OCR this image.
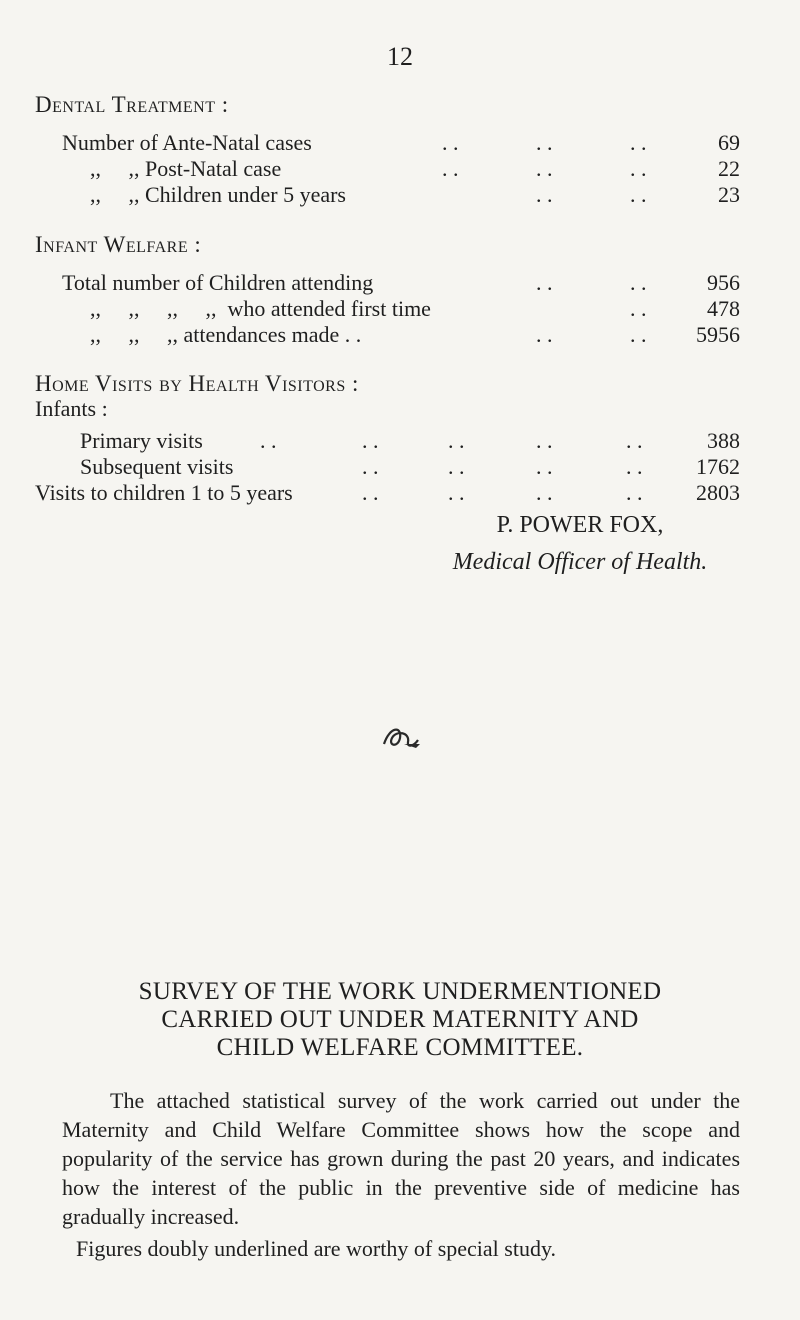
12
Dental Treatment :
Number of Ante-Natal cases	. .	. .	. .	69
,,     ,, Post-Natal case	. .	. .	. .	22
,,     ,, Children under 5 years	. .	. .	23
Infant Welfare :
Total number of Children attending	. .	. .	956
,,     ,,     ,,     ,,  who attended first time	. .	478
,,     ,,     ,, attendances made . .	. .	. . 5956
Home Visits by Health Visitors :
Infants :
Primary visits	. .	. .	. .	. .	. .	388
Subsequent visits	. .	. .	. .	. . 1762
Visits to children 1 to 5 years	. .	. .	. .	. . 2803
P. POWER FOX,
Medical Officer of Health.
SURVEY OF THE WORK UNDERMENTIONED
CARRIED OUT UNDER MATERNITY AND
CHILD WELFARE COMMITTEE.
The attached statistical survey of the work carried out under the Maternity and Child Welfare Committee shows how the scope and popularity of the service has grown during the past 20 years, and indicates how the interest of the public in the preventive side of medicine has gradually increased.
Figures doubly underlined are worthy of special study.
